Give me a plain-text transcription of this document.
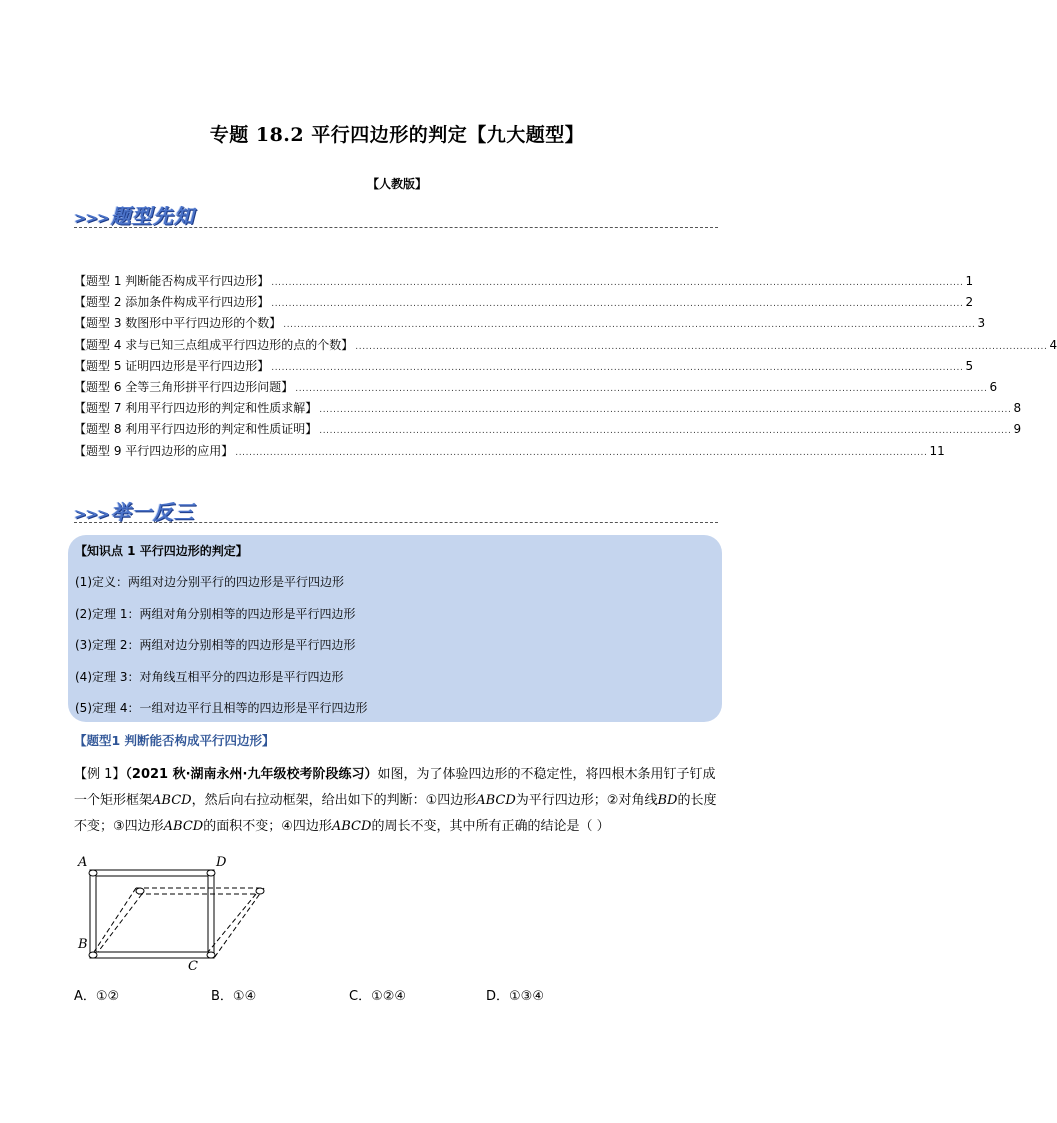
专题 18.2 平行四边形的判定【九大题型】
【人教版】
>>> 题型先知
【题型 1 判断能否构成平行四边形】 ........................................................................................................................................................................................................ 1
【题型 2 添加条件构成平行四边形】 ........................................................................................................................................................................................................ 2
【题型 3 数图形中平行四边形的个数】 ........................................................................................................................................................................................................ 3
【题型 4 求与已知三点组成平行四边形的点的个数】 ........................................................................................................................................................................................................ 4
【题型 5 证明四边形是平行四边形】 ........................................................................................................................................................................................................ 5
【题型 6 全等三角形拼平行四边形问题】 ........................................................................................................................................................................................................ 6
【题型 7 利用平行四边形的判定和性质求解】 ........................................................................................................................................................................................................ 8
【题型 8 利用平行四边形的判定和性质证明】 ........................................................................................................................................................................................................ 9
【题型 9 平行四边形的应用】 ........................................................................................................................................................................................................ 11
>>> 举一反三
【知识点 1 平行四边形的判定】
(1)定义：两组对边分别平行的四边形是平行四边形
(2)定理 1：两组对角分别相等的四边形是平行四边形
(3)定理 2：两组对边分别相等的四边形是平行四边形
(4)定理 3：对角线互相平分的四边形是平行四边形
(5)定理 4：一组对边平行且相等的四边形是平行四边形
【题型1 判断能否构成平行四边形】
【例 1】（2021 秋·湖南永州·九年级校考阶段练习）如图，为了体验四边形的不稳定性，将四根木条用钉子钉成一个矩形框架ABCD，然后向右拉动框架，给出如下的判断：①四边形ABCD为平行四边形；②对角线BD的长度不变；③四边形ABCD的面积不变；④四边形ABCD的周长不变，其中所有正确的结论是（ ）
A	D
B
C
A．①②	B．①④	C．①②④	D．①③④
